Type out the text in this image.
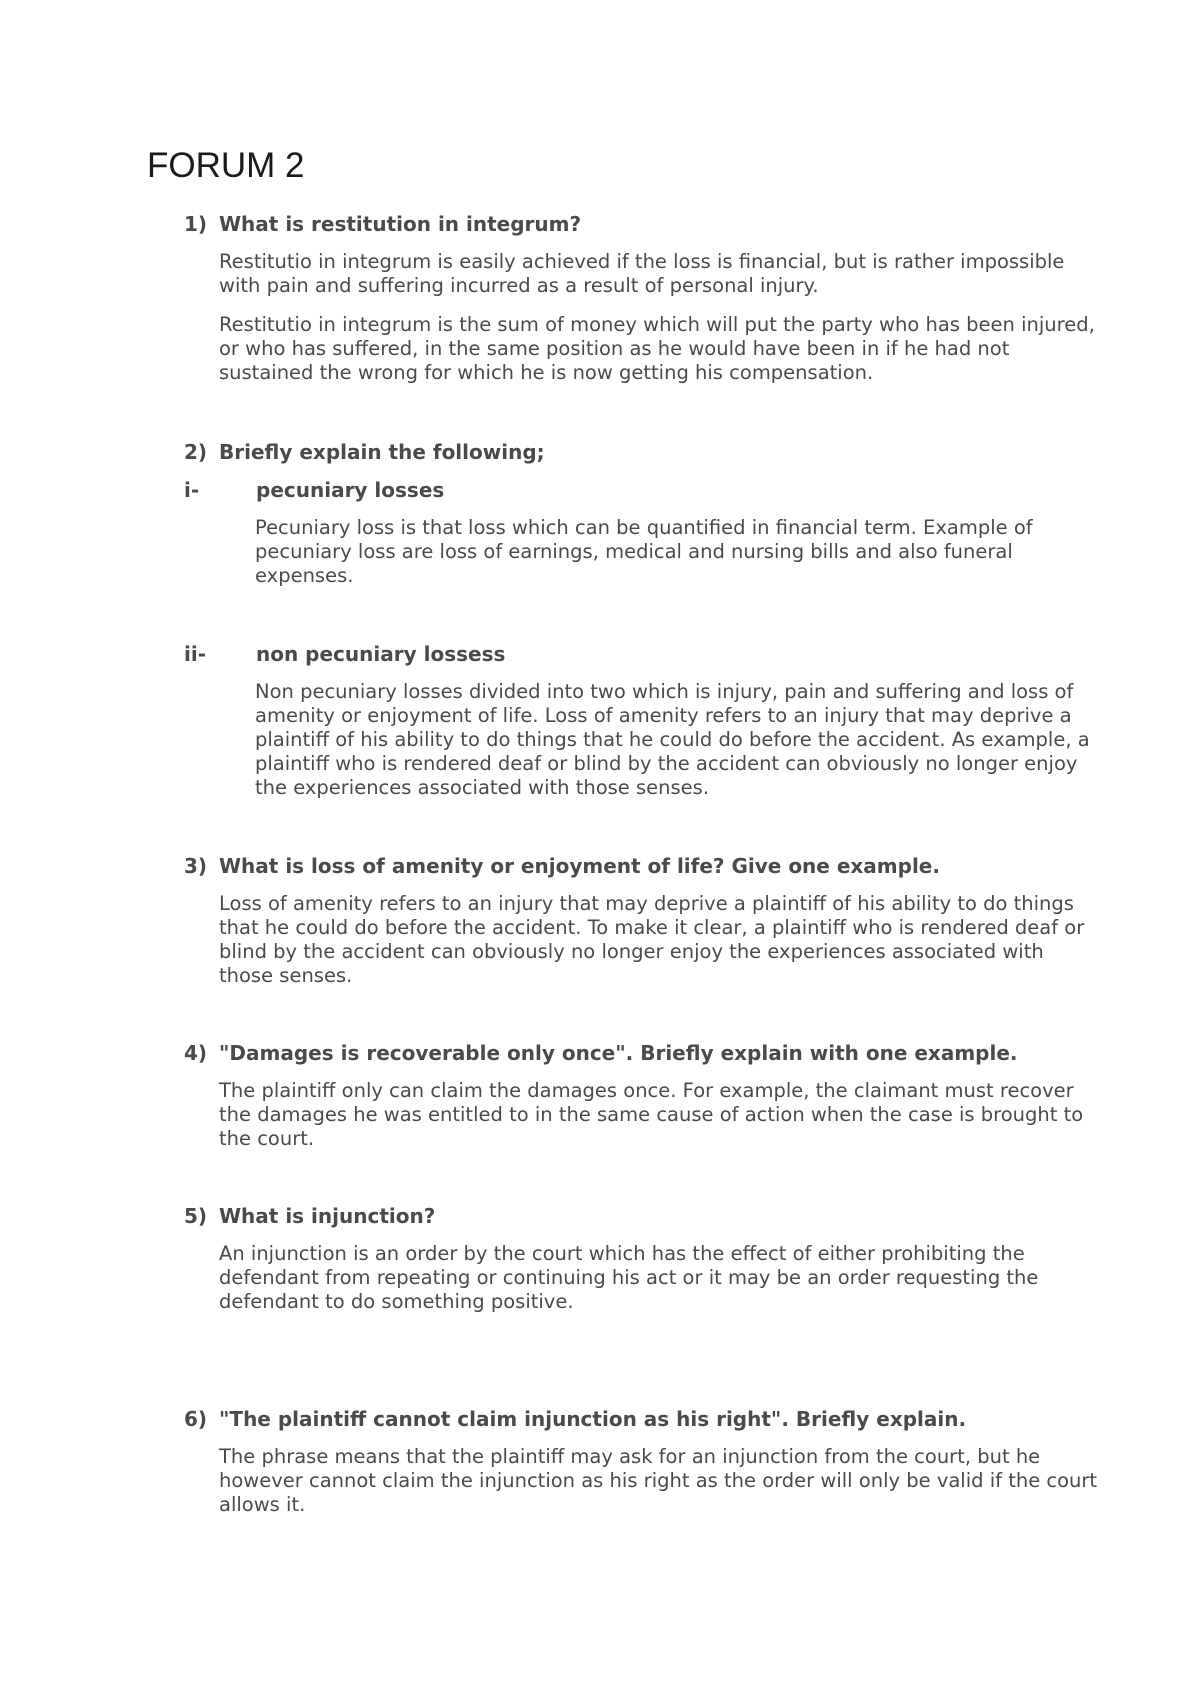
FORUM 2
1) What is restitution in integrum?

Restitutio in integrum is easily achieved if the loss is financial, but is rather impossible with pain and suffering incurred as a result of personal injury.

Restitutio in integrum is the sum of money which will put the party who has been injured, or who has suffered, in the same position as he would have been in if he had not sustained the wrong for which he is now getting his compensation.

2) Briefly explain the following;
i-	pecuniary losses

Pecuniary loss is that loss which can be quantified in financial term. Example of pecuniary loss are loss of earnings, medical and nursing bills and also funeral expenses.

ii- non pecuniary lossess

Non pecuniary losses divided into two which is injury, pain and suffering and loss of amenity or enjoyment of life. Loss of amenity refers to an injury that may deprive a plaintiff of his ability to do things that he could do before the accident. As example, a plaintiff who is rendered deaf or blind by the accident can obviously no longer enjoy the experiences associated with those senses.

3) What is loss of amenity or enjoyment of life? Give one example.

Loss of amenity refers to an injury that may deprive a plaintiff of his ability to do things that he could do before the accident. To make it clear, a plaintiff who is rendered deaf or blind by the accident can obviously no longer enjoy the experiences associated with those senses.

4) "Damages is recoverable only once". Briefly explain with one example.

The plaintiff only can claim the damages once. For example, the claimant must recover the damages he was entitled to in the same cause of action when the case is brought to the court.

5) What is injunction?

An injunction is an order by the court which has the effect of either prohibiting the defendant from repeating or continuing his act or it may be an order requesting the defendant to do something positive.

6) "The plaintiff cannot claim injunction as his right". Briefly explain.

The phrase means that the plaintiff may ask for an injunction from the court, but he however cannot claim the injunction as his right as the order will only be valid if the court allows it.
